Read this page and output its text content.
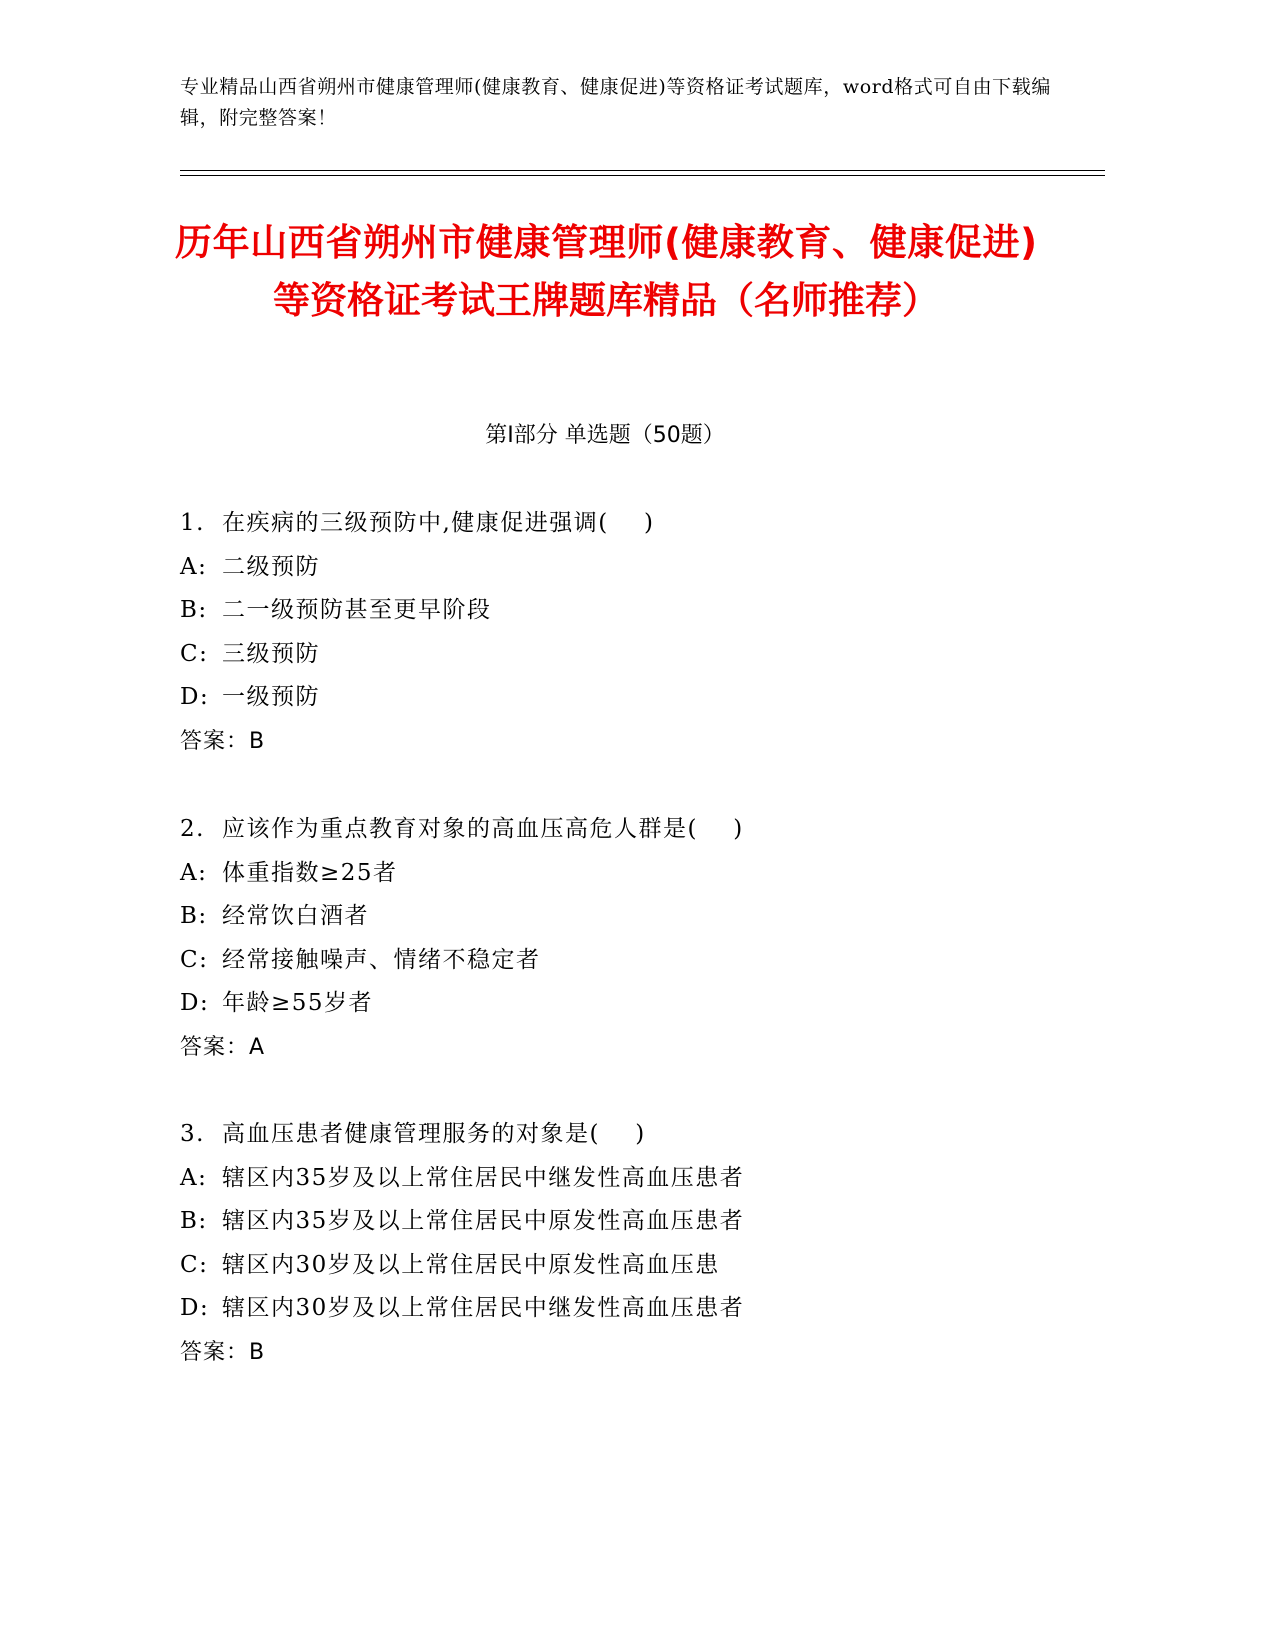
专业精品山西省朔州市健康管理师(健康教育、健康促进)等资格证考试题库，word格式可自由下载编辑，附完整答案！
历年山西省朔州市健康管理师(健康教育、健康促进)等资格证考试王牌题库精品（名师推荐）
第Ⅰ部分 单选题（50题）
1. 在疾病的三级预防中,健康促进强调(    )
A: 二级预防
B: 二一级预防甚至更早阶段
C: 三级预防
D: 一级预防
答案：B
2. 应该作为重点教育对象的高血压高危人群是(    )
A: 体重指数≥25者
B: 经常饮白酒者
C: 经常接触噪声、情绪不稳定者
D: 年龄≥55岁者
答案：A
3. 高血压患者健康管理服务的对象是(    )
A: 辖区内35岁及以上常住居民中继发性高血压患者
B: 辖区内35岁及以上常住居民中原发性高血压患者
C: 辖区内30岁及以上常住居民中原发性高血压患
D: 辖区内30岁及以上常住居民中继发性高血压患者
答案：B
